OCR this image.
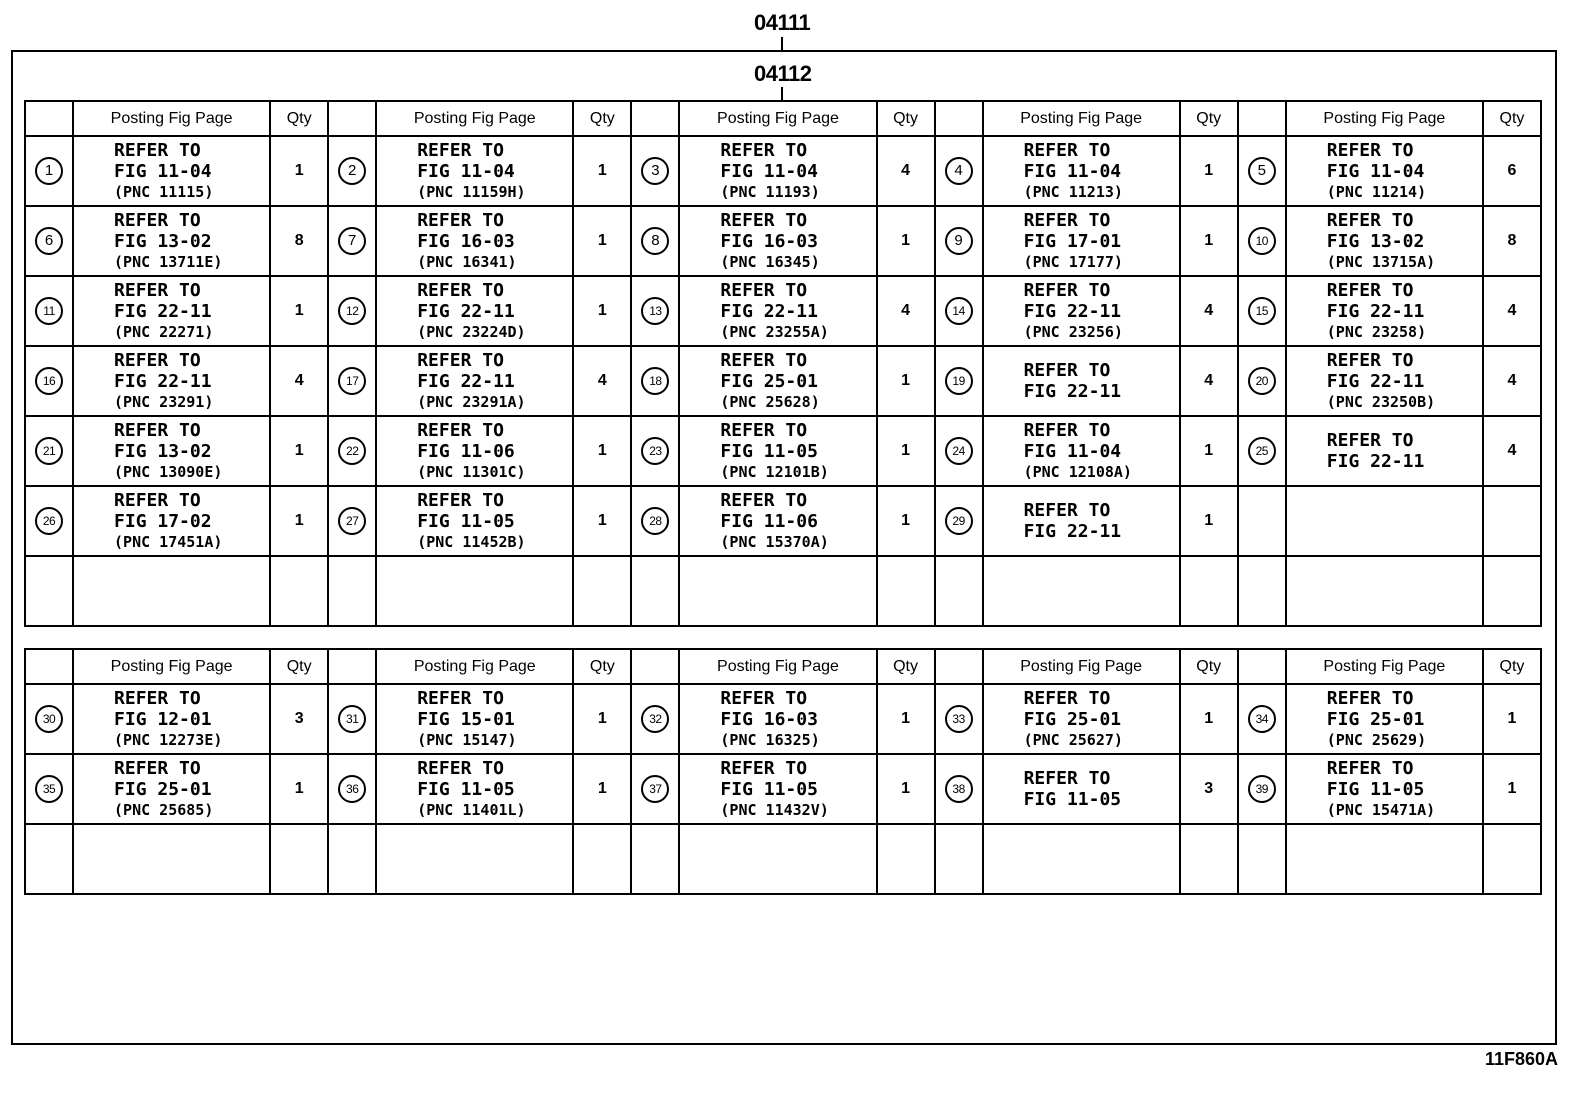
04111
04112
	Posting Fig Page	Qty		Posting Fig Page	Qty		Posting Fig Page	Qty		Posting Fig Page	Qty		Posting Fig Page	Qty
1	REFER TO
FIG 11-04
(PNC 11115)	1	2	REFER TO
FIG 11-04
(PNC 11159H)	1	3	REFER TO
FIG 11-04
(PNC 11193)	4	4	REFER TO
FIG 11-04
(PNC 11213)	1	5	REFER TO
FIG 11-04
(PNC 11214)	6
6	REFER TO
FIG 13-02
(PNC 13711E)	8	7	REFER TO
FIG 16-03
(PNC 16341)	1	8	REFER TO
FIG 16-03
(PNC 16345)	1	9	REFER TO
FIG 17-01
(PNC 17177)	1	10	REFER TO
FIG 13-02
(PNC 13715A)	8
11	REFER TO
FIG 22-11
(PNC 22271)	1	12	REFER TO
FIG 22-11
(PNC 23224D)	1	13	REFER TO
FIG 22-11
(PNC 23255A)	4	14	REFER TO
FIG 22-11
(PNC 23256)	4	15	REFER TO
FIG 22-11
(PNC 23258)	4
16	REFER TO
FIG 22-11
(PNC 23291)	4	17	REFER TO
FIG 22-11
(PNC 23291A)	4	18	REFER TO
FIG 25-01
(PNC 25628)	1	19	REFER TO
FIG 22-11	4	20	REFER TO
FIG 22-11
(PNC 23250B)	4
21	REFER TO
FIG 13-02
(PNC 13090E)	1	22	REFER TO
FIG 11-06
(PNC 11301C)	1	23	REFER TO
FIG 11-05
(PNC 12101B)	1	24	REFER TO
FIG 11-04
(PNC 12108A)	1	25	REFER TO
FIG 22-11	4
26	REFER TO
FIG 17-02
(PNC 17451A)	1	27	REFER TO
FIG 11-05
(PNC 11452B)	1	28	REFER TO
FIG 11-06
(PNC 15370A)	1	29	REFER TO
FIG 22-11	1			

	Posting Fig Page	Qty		Posting Fig Page	Qty		Posting Fig Page	Qty		Posting Fig Page	Qty		Posting Fig Page	Qty
30	REFER TO
FIG 12-01
(PNC 12273E)	3	31	REFER TO
FIG 15-01
(PNC 15147)	1	32	REFER TO
FIG 16-03
(PNC 16325)	1	33	REFER TO
FIG 25-01
(PNC 25627)	1	34	REFER TO
FIG 25-01
(PNC 25629)	1
35	REFER TO
FIG 25-01
(PNC 25685)	1	36	REFER TO
FIG 11-05
(PNC 11401L)	1	37	REFER TO
FIG 11-05
(PNC 11432V)	1	38	REFER TO
FIG 11-05	3	39	REFER TO
FIG 11-05
(PNC 15471A)	1

11F860A
